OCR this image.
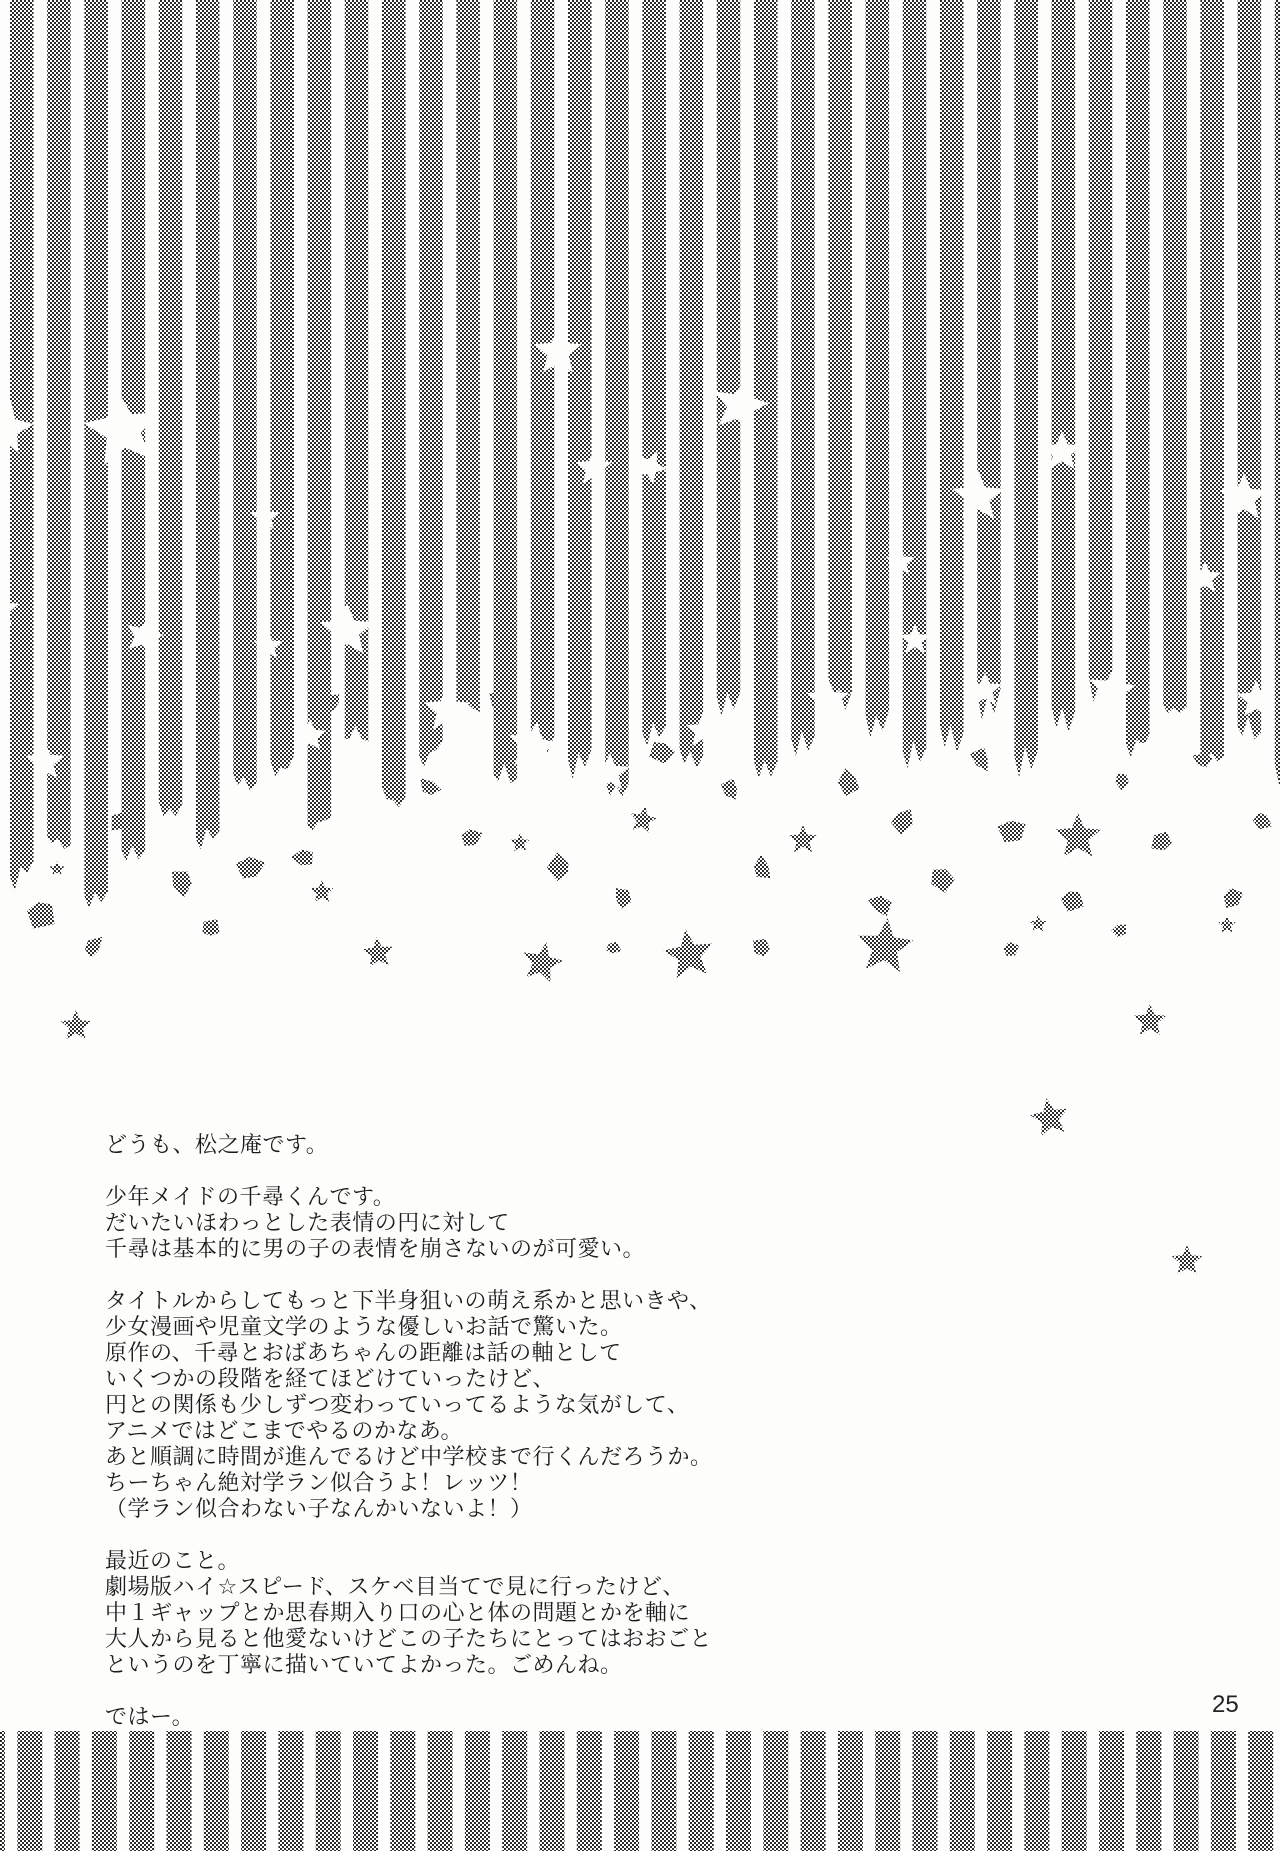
どうも、松之庵です。

少年メイドの千尋くんです。
だいたいほわっとした表情の円に対して
千尋は基本的に男の子の表情を崩さないのが可愛い。

タイトルからしてもっと下半身狙いの萌え系かと思いきや、
少女漫画や児童文学のような優しいお話で驚いた。
原作の、千尋とおばあちゃんの距離は話の軸として
いくつかの段階を経てほどけていったけど、
円との関係も少しずつ変わっていってるような気がして、
アニメではどこまでやるのかなあ。
あと順調に時間が進んでるけど中学校まで行くんだろうか。
ちーちゃん絶対学ラン似合うよ！レッツ！
（学ラン似合わない子なんかいないよ！）

最近のこと。
劇場版ハイ☆スピード、スケベ目当てで見に行ったけど、
中１ギャップとか思春期入り口の心と体の問題とかを軸に
大人から見ると他愛ないけどこの子たちにとってはおおごと
というのを丁寧に描いていてよかった。ごめんね。

ではー。	25
